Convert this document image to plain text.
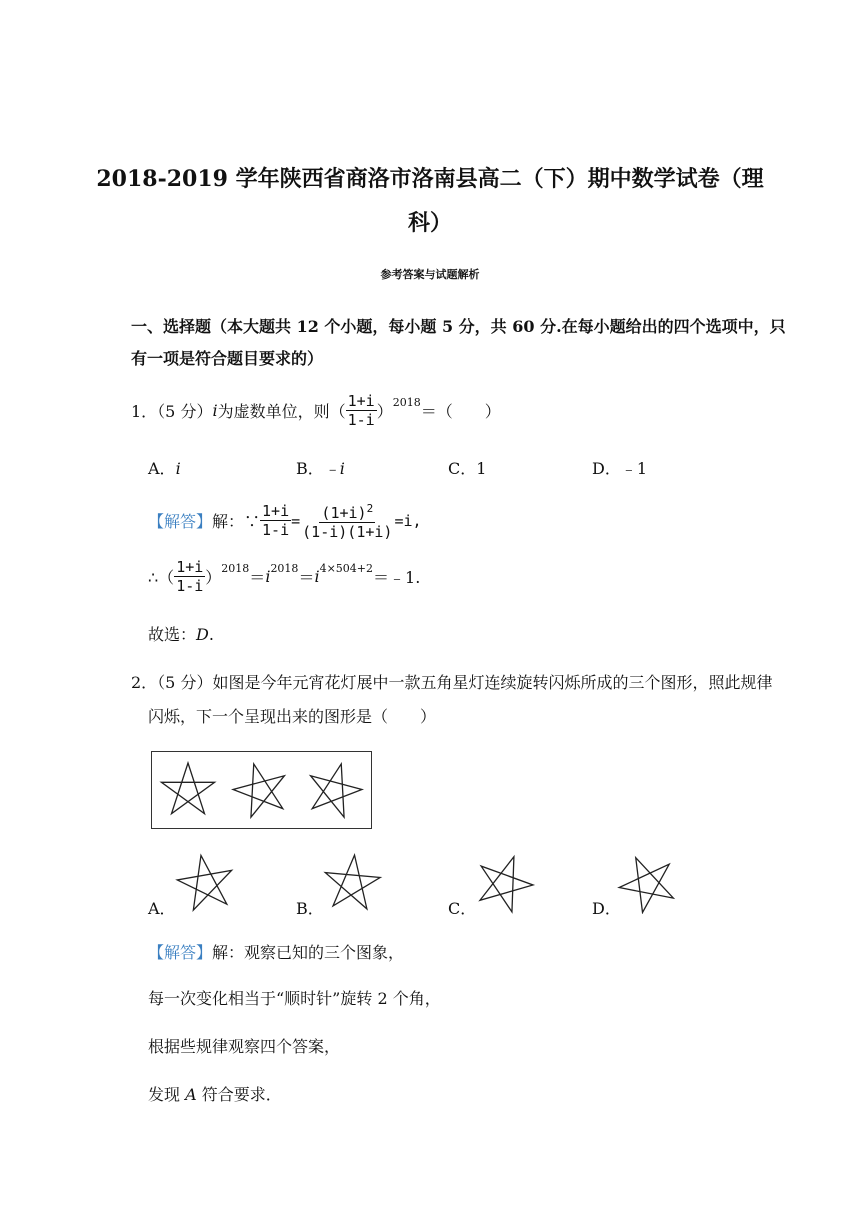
2018-2019 学年陕西省商洛市洛南县高二（下）期中数学试卷（理
科）
参考答案与试题解析
一、选择题（本大题共 12 个小题，每小题 5 分，共 60 分.在每小题给出的四个选项中，只
有一项是符合题目要求的）
1．（5 分） i 为虚数单位，则（ $\frac{1+i}{1-i} )^{2018}$ ＝（　　）
A．i	B．﹣i	C．1	D．﹣1
【解答】 解：∵ $\frac{1+i}{1-i} = \frac{(1+i)^2}{(1-i)(1+i)} =i$,
∴（ $\frac{1+i}{1-i} )^{2018} = i^{2018} = i^{4\times 504+2}$ ＝﹣1.
故选：D.
2．（5 分）如图是今年元宵花灯展中一款五角星灯连续旋转闪烁所成的三个图形，照此规律
闪烁，下一个呈现出来的图形是（　　）
A．	B．	C．	D．
【解答】解：观察已知的三个图象，
每一次变化相当于“顺时针”旋转 2 个角，
根据些规律观察四个答案，
发现 A 符合要求．
